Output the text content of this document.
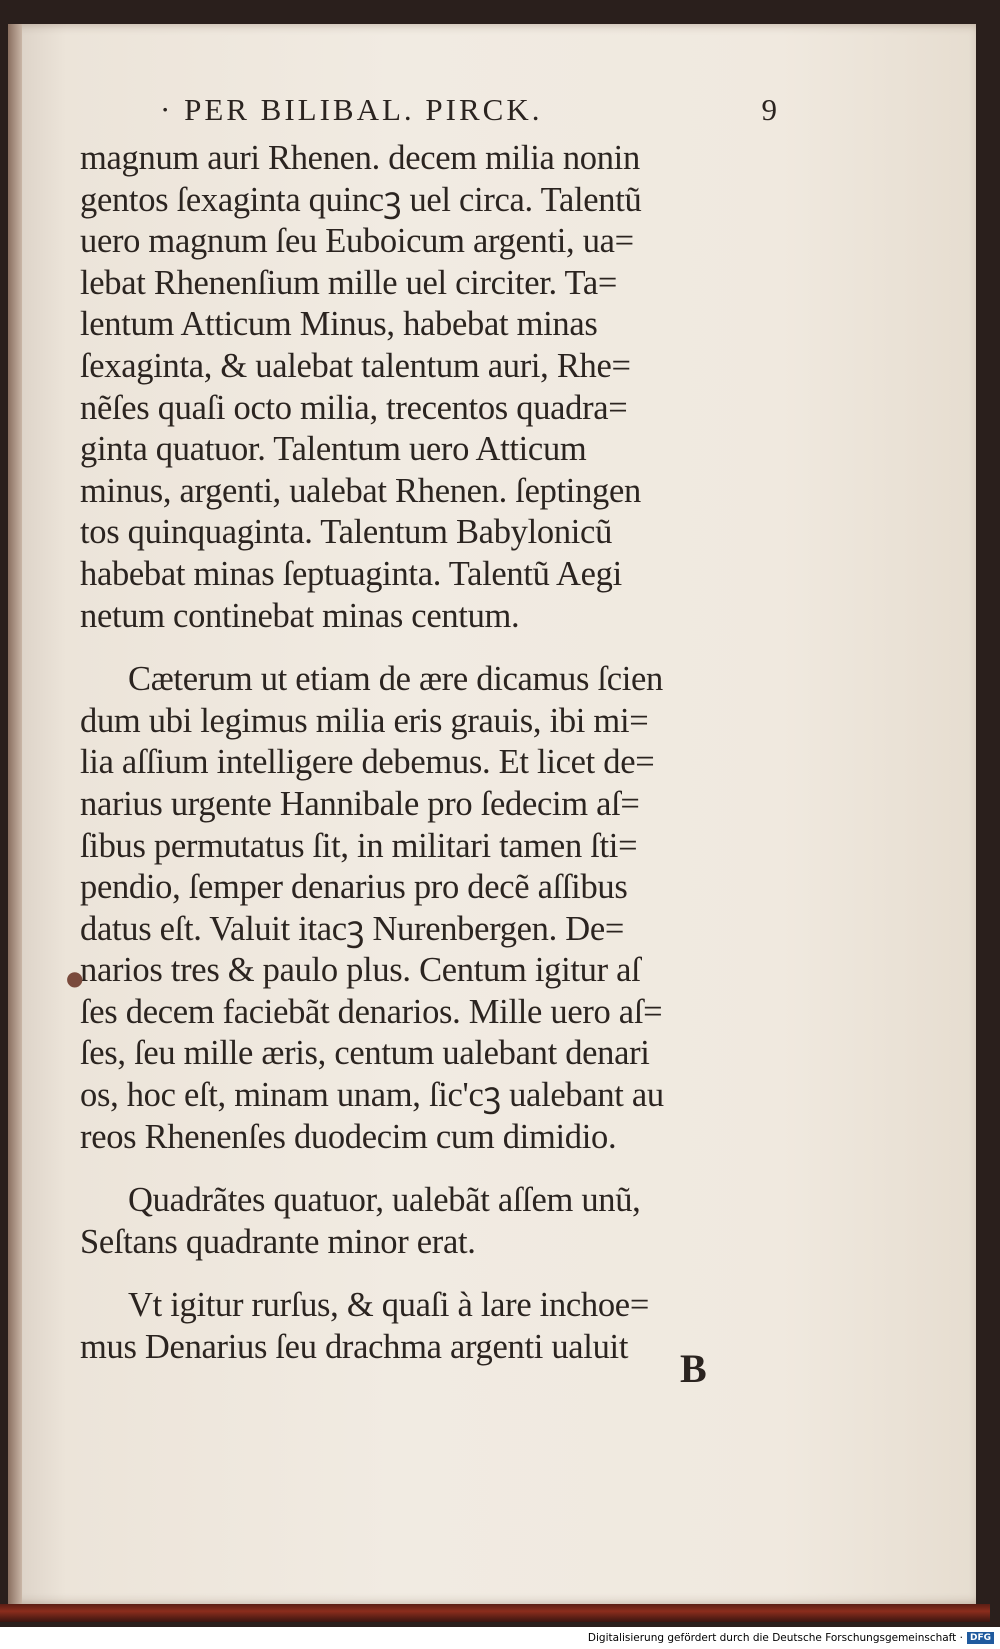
· PER BILIBAL. PIRCK.	9
magnum auri Rhenen. decem milia nonin
gentos ſexaginta quincꝫ uel circa. Talentũ
uero magnum ſeu Euboicum argenti, ua=
lebat Rhenenſium mille uel circiter. Ta=
lentum Atticum Minus, habebat minas
ſexaginta, & ualebat talentum auri, Rhe=
nẽſes quaſi octo milia, trecentos quadra=
ginta quatuor. Talentum uero Atticum
minus, argenti, ualebat Rhenen. ſeptingen
tos quinquaginta. Talentum Babylonicũ
habebat minas ſeptuaginta. Talentũ Aegi
netum continebat minas centum.
Cæterum ut etiam de ære dicamus ſcien
dum ubi legimus milia eris grauis, ibi mi=
lia aſſium intelligere debemus. Et licet de=
narius urgente Hannibale pro ſedecim aſ=
ſibus permutatus ſit, in militari tamen ſti=
pendio, ſemper denarius pro decẽ aſſibus
datus eſt. Valuit itacꝫ Nurenbergen. De=
narios tres & paulo plus. Centum igitur aſ
ſes decem faciebãt denarios. Mille uero aſ=
ſes, ſeu mille æris, centum ualebant denari
os, hoc eſt, minam unam, ſic'cꝫ ualebant au
reos Rhenenſes duodecim cum dimidio.
Quadrãtes quatuor, ualebãt aſſem unũ,
Seſtans quadrante minor erat.
Vt igitur rurſus, & quaſi à lare inchoe=
mus Denarius ſeu drachma argenti ualuit
●
B
Digitalisierung gefördert durch die Deutsche Forschungsgemeinschaft · DFG
